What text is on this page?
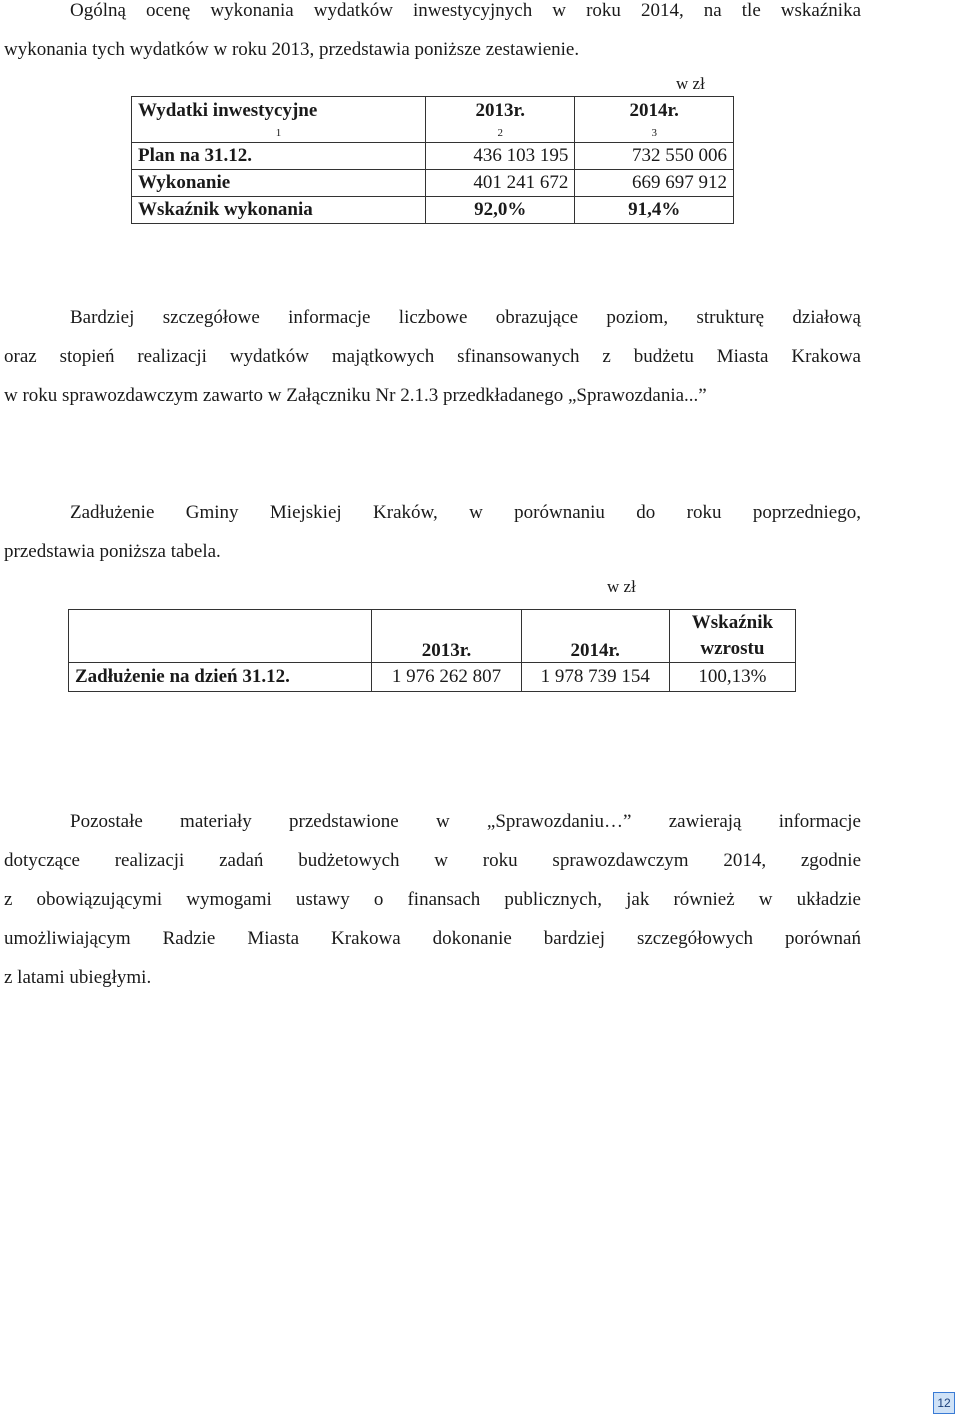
Ogólną ocenę wykonania wydatków inwestycyjnych w roku 2014, na tle wskaźnika
wykonania tych wydatków w roku 2013, przedstawia poniższe zestawienie.

w zł
Wydatki inwestycyjne	2013r.	2014r.
1	2	3
Plan na 31.12.	436 103 195	732 550 006
Wykonanie	401 241 672	669 697 912
Wskaźnik wykonania	92,0%	91,4%

Bardziej szczegółowe informacje liczbowe obrazujące poziom, strukturę działową
oraz stopień realizacji wydatków majątkowych sfinansowanych z budżetu Miasta Krakowa
w roku sprawozdawczym zawarto w Załączniku Nr 2.1.3 przedkładanego „Sprawozdania...”

Zadłużenie Gminy Miejskiej Kraków, w porównaniu do roku poprzedniego,
przedstawia poniższa tabela.

w zł
	2013r.	2014r.	Wskaźnik wzrostu
Zadłużenie na dzień 31.12.	1 976 262 807	1 978 739 154	100,13%

Pozostałe materiały przedstawione w „Sprawozdaniu…” zawierają informacje
dotyczące realizacji zadań budżetowych w roku sprawozdawczym 2014, zgodnie
z obowiązującymi wymogami ustawy o finansach publicznych, jak również w układzie
umożliwiającym Radzie Miasta Krakowa dokonanie bardziej szczegółowych porównań
z latami ubiegłymi.

12
